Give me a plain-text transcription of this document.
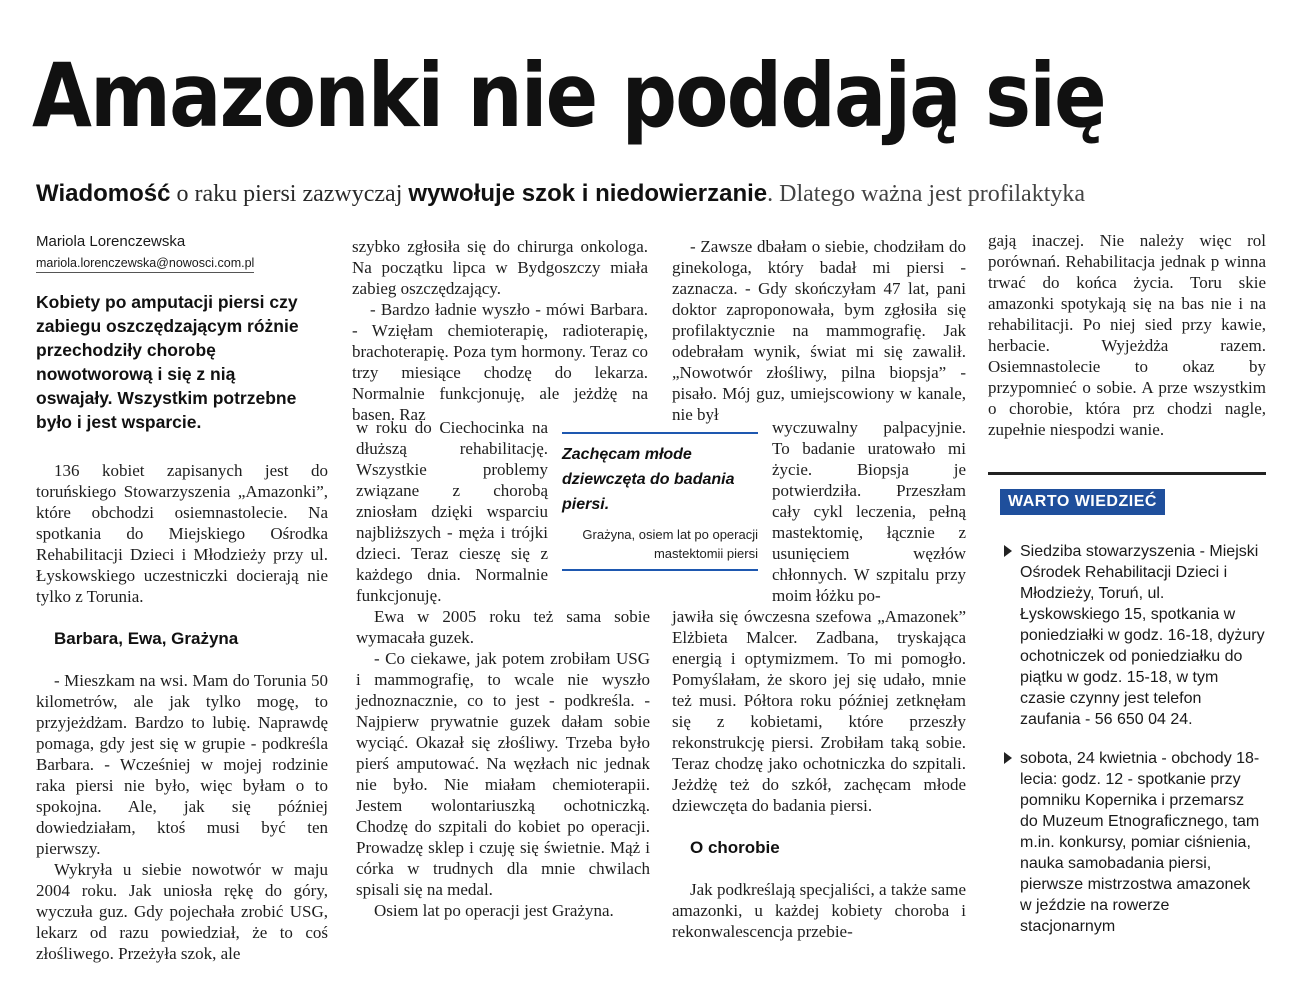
Amazonki nie poddają się
Wiadomość o raku piersi zazwyczaj wywołuje szok i niedowierzanie. Dlatego ważna jest profilaktyka
Mariola Lorenczewska
mariola.lorenczewska@nowosci.com.pl

Kobiety po amputacji piersi czy zabiegu oszczędzającym różnie przechodziły chorobę nowotworową i się z nią oswajały. Wszystkim potrzebne było i jest wsparcie.

136 kobiet zapisanych jest do toruńskiego Stowarzyszenia „Amazonki”, które obchodzi osiemnastolecie. Na spotkania do Miejskiego Ośrodka Rehabilitacji Dzieci i Młodzieży przy ul. Łyskowskiego uczestniczki docierają nie tylko z Torunia.

Barbara, Ewa, Grażyna

- Mieszkam na wsi. Mam do Torunia 50 kilometrów, ale jak tylko mogę, to przyjeżdżam. Bardzo to lubię. Naprawdę pomaga, gdy jest się w grupie - podkreśla Barbara. - Wcześniej w mojej rodzinie raka piersi nie było, więc byłam o to spokojna. Ale, jak się później dowiedziałam, ktoś musi być ten pierwszy.

Wykryła u siebie nowotwór w maju 2004 roku. Jak uniosła rękę do góry, wyczuła guz. Gdy pojechała zrobić USG, lekarz od razu powiedział, że to coś złośliwego. Przeżyła szok, ale

szybko zgłosiła się do chirurga onkologa. Na początku lipca w Bydgoszczy miała zabieg oszczędzający.

- Bardzo ładnie wyszło - mówi Barbara. - Wzięłam chemioterapię, radioterapię, brachoterapię. Poza tym hormony. Teraz co trzy miesiące chodzę do lekarza. Normalnie funkcjonuję, ale jeżdżę na basen. Raz

w roku do Ciechocinka na dłuższą rehabilitację. Wszystkie problemy związane z chorobą zniosłam dzięki wsparciu najbliższych - męża i trójki dzieci. Teraz cieszę się z każdego dnia. Normalnie funkcjonuję.

Ewa w 2005 roku też sama sobie wymacała guzek.

- Co ciekawe, jak potem zrobiłam USG i mammografię, to wcale nie wyszło jednoznacznie, co to jest - podkreśla. - Najpierw prywatnie guzek dałam sobie wyciąć. Okazał się złośliwy. Trzeba było pierś amputować. Na węzłach nic jednak nie było. Nie miałam chemioterapii. Jestem wolontariuszką ochotniczką. Chodzę do szpitali do kobiet po operacji. Prowadzę sklep i czuję się świetnie. Mąż i córka w trudnych dla mnie chwilach spisali się na medal.

Osiem lat po operacji jest Grażyna.

Zachęcam młode dziewczęta do badania piersi.
Grażyna, osiem lat po operacji mastektomii piersi

- Zawsze dbałam o siebie, chodziłam do ginekologa, który badał mi piersi - zaznacza. - Gdy skończyłam 47 lat, pani doktor zaproponowała, bym zgłosiła się profilaktycznie na mammografię. Jak odebrałam wynik, świat mi się zawalił. „Nowotwór złośliwy, pilna biopsja” - pisało. Mój guz, umiejscowiony w kanale, nie był

wyczuwalny palpacyjnie. To badanie uratowało mi życie. Biopsja je potwierdziła. Przeszłam cały cykl leczenia, pełną mastektomię, łącznie z usunięciem węzłów chłonnych. W szpitalu przy moim łóżku po-

jawiła się ówczesna szefowa „Amazonek” Elżbieta Malcer. Zadbana, tryskająca energią i optymizmem. To mi pomogło. Pomyślałam, że skoro jej się udało, mnie też musi. Półtora roku później zetknęłam się z kobietami, które przeszły rekonstrukcję piersi. Zrobiłam taką sobie. Teraz chodzę jako ochotniczka do szpitali. Jeżdżę też do szkół, zachęcam młode dziewczęta do badania piersi.

O chorobie

Jak podkreślają specjaliści, a także same amazonki, u każdej kobiety choroba i rekonwalescencja przebie-

gają inaczej. Nie należy więc rol porównań. Rehabilitacja jednak p winna trwać do końca życia. Toru skie amazonki spotykają się na bas nie i na rehabilitacji. Po niej sied przy kawie, herbacie. Wyjeżdża razem. Osiemnastolecie to okaz by przypomnieć o sobie. A prze wszystkim o chorobie, która prz chodzi nagle, zupełnie niespodzi wanie.

WARTO WIEDZIEĆ
Siedziba stowarzyszenia - Miejski Ośrodek Rehabilitacji Dzieci i Młodzieży, Toruń, ul. Łyskowskiego 15, spotkania w poniedziałki w godz. 16-18, dyżury ochotniczek od poniedziałku do piątku w godz. 15-18, w tym czasie czynny jest telefon zaufania - 56 650 04 24.
sobota, 24 kwietnia - obchody 18-lecia: godz. 12 - spotkanie przy pomniku Kopernika i przemarsz do Muzeum Etnograficznego, tam m.in. konkursy, pomiar ciśnienia, nauka samobadania piersi, pierwsze mistrzostwa amazonek w jeździe na rowerze stacjonarnym
